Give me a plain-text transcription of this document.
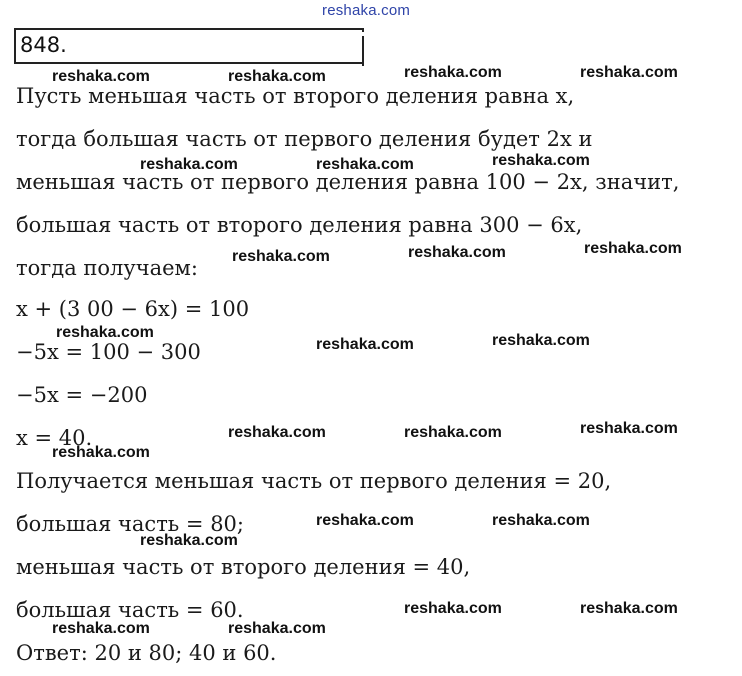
reshaka.com
848.
Пусть меньшая часть от второго деления равна x,
тогда большая часть от первого деления будет 2x и
меньшая часть от первого деления равна 100 − 2x, значит,
большая часть от второго деления равна 300 − 6x,
тогда получаем:
x + (3 00 − 6x) = 100
−5x = 100 − 300
−5x = −200
x = 40.
Получается меньшая часть от первого деления = 20,
большая часть = 80;
меньшая часть от второго деления = 40,
большая часть = 60.
Ответ: 20 и 80; 40 и 60.
reshaka.com	reshaka.com	reshaka.com	reshaka.com
reshaka.com	reshaka.com	reshaka.com
reshaka.com	reshaka.com	reshaka.com
reshaka.com
reshaka.com	reshaka.com
reshaka.com	reshaka.com	reshaka.com
reshaka.com
reshaka.com	reshaka.com
reshaka.com
reshaka.com	reshaka.com
reshaka.com	reshaka.com
